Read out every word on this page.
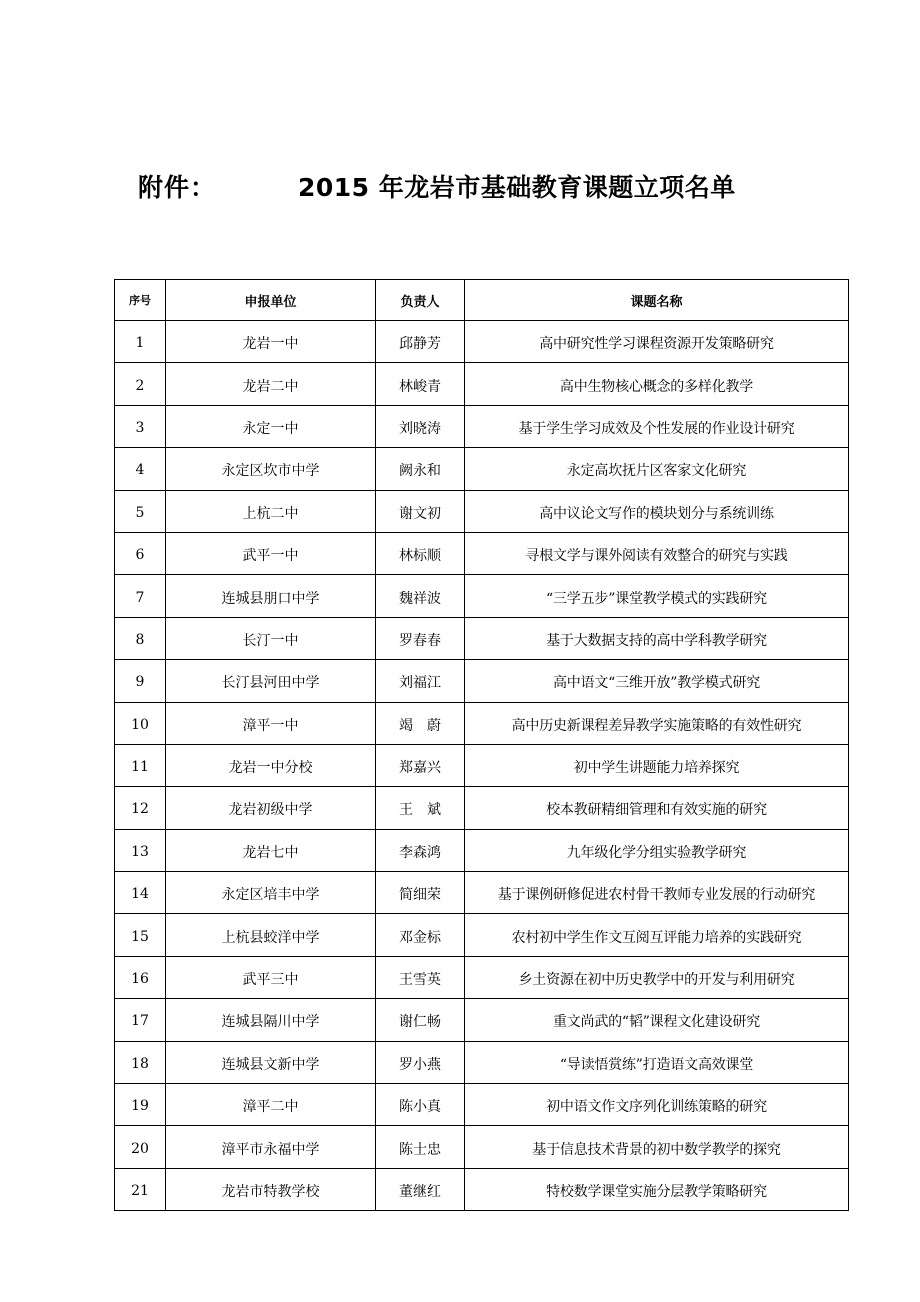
附件：	2015 年龙岩市基础教育课题立项名单
序号	申报单位	负责人	课题名称
1	龙岩一中	邱静芳	高中研究性学习课程资源开发策略研究
2	龙岩二中	林峻青	高中生物核心概念的多样化教学
3	永定一中	刘晓涛	基于学生学习成效及个性发展的作业设计研究
4	永定区坎市中学	阙永和	永定高坎抚片区客家文化研究
5	上杭二中	谢文初	高中议论文写作的模块划分与系统训练
6	武平一中	林标顺	寻根文学与课外阅读有效整合的研究与实践
7	连城县朋口中学	魏祥波	“三学五步”课堂教学模式的实践研究
8	长汀一中	罗春春	基于大数据支持的高中学科教学研究
9	长汀县河田中学	刘福江	高中语文“三维开放”教学模式研究
10	漳平一中	竭　蔚	高中历史新课程差异教学实施策略的有效性研究
11	龙岩一中分校	郑嘉兴	初中学生讲题能力培养探究
12	龙岩初级中学	王　斌	校本教研精细管理和有效实施的研究
13	龙岩七中	李森鸿	九年级化学分组实验教学研究
14	永定区培丰中学	简细荣	基于课例研修促进农村骨干教师专业发展的行动研究
15	上杭县蛟洋中学	邓金标	农村初中学生作文互阅互评能力培养的实践研究
16	武平三中	王雪英	乡土资源在初中历史教学中的开发与利用研究
17	连城县隔川中学	谢仁畅	重文尚武的“韬”课程文化建设研究
18	连城县文新中学	罗小燕	“导读悟赏练”打造语文高效课堂
19	漳平二中	陈小真	初中语文作文序列化训练策略的研究
20	漳平市永福中学	陈士忠	基于信息技术背景的初中数学教学的探究
21	龙岩市特教学校	董继红	特校数学课堂实施分层教学策略研究
